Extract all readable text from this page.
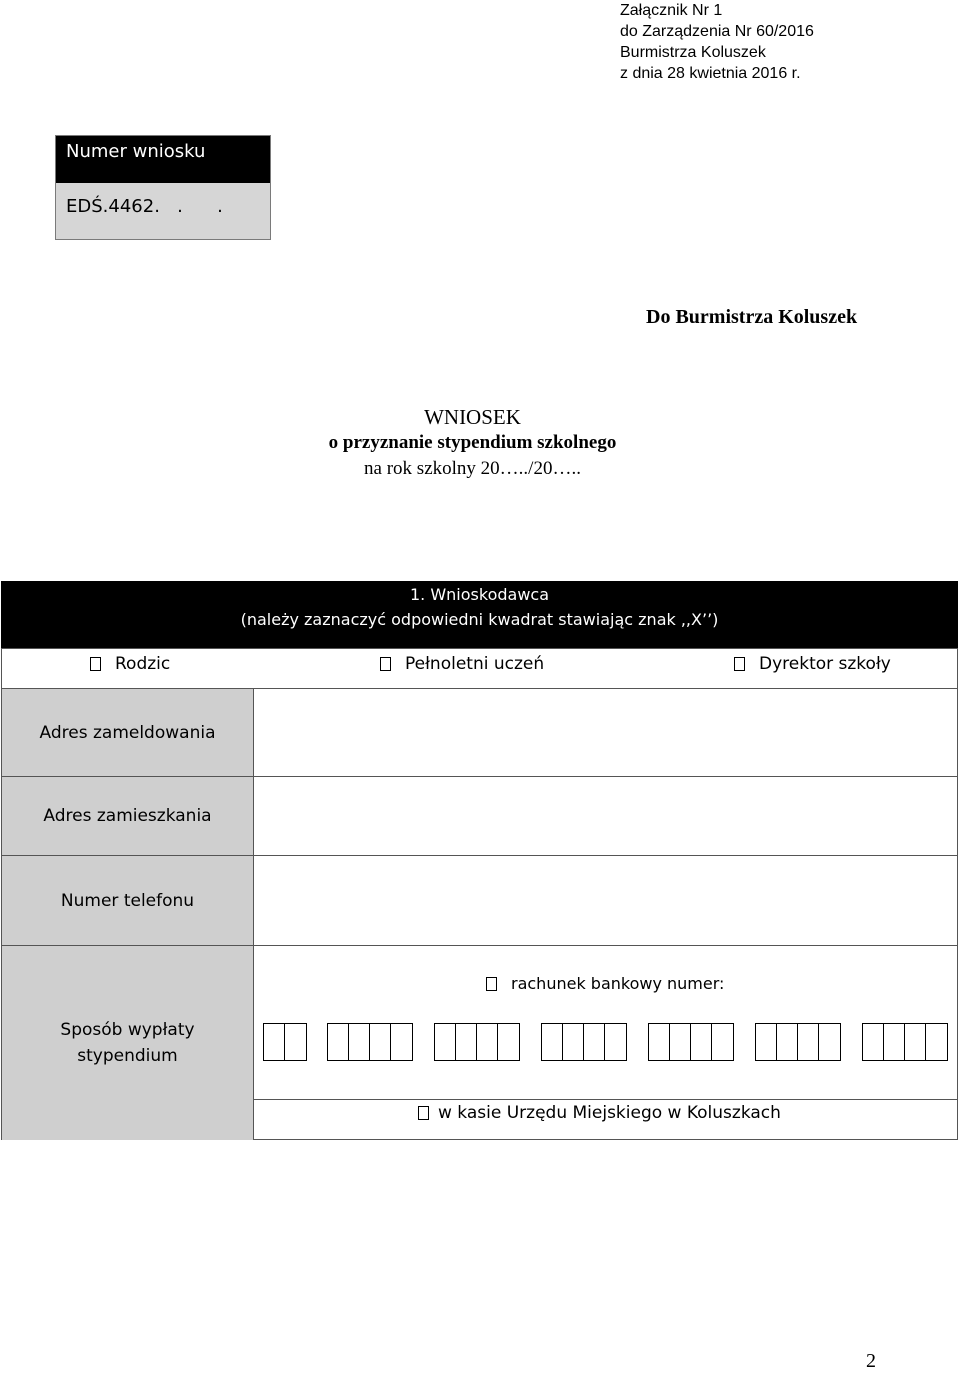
Załącznik Nr 1
do Zarządzenia Nr 60/2016
Burmistrza Koluszek
z dnia 28 kwietnia 2016 r.
Numer wniosku
EDŚ.4462.   .      .
Do Burmistrza Koluszek
WNIOSEK
o przyznanie stypendium szkolnego
na rok szkolny 20…../20…..
1. Wnioskodawca
(należy zaznaczyć odpowiedni kwadrat stawiając znak ,,X’’)
Rodzic	Pełnoletni uczeń	Dyrektor szkoły
Adres zameldowania
Adres zamieszkania
Numer telefonu
Sposób wypłaty stypendium
rachunek bankowy numer:
w kasie Urzędu Miejskiego w Koluszkach
2
